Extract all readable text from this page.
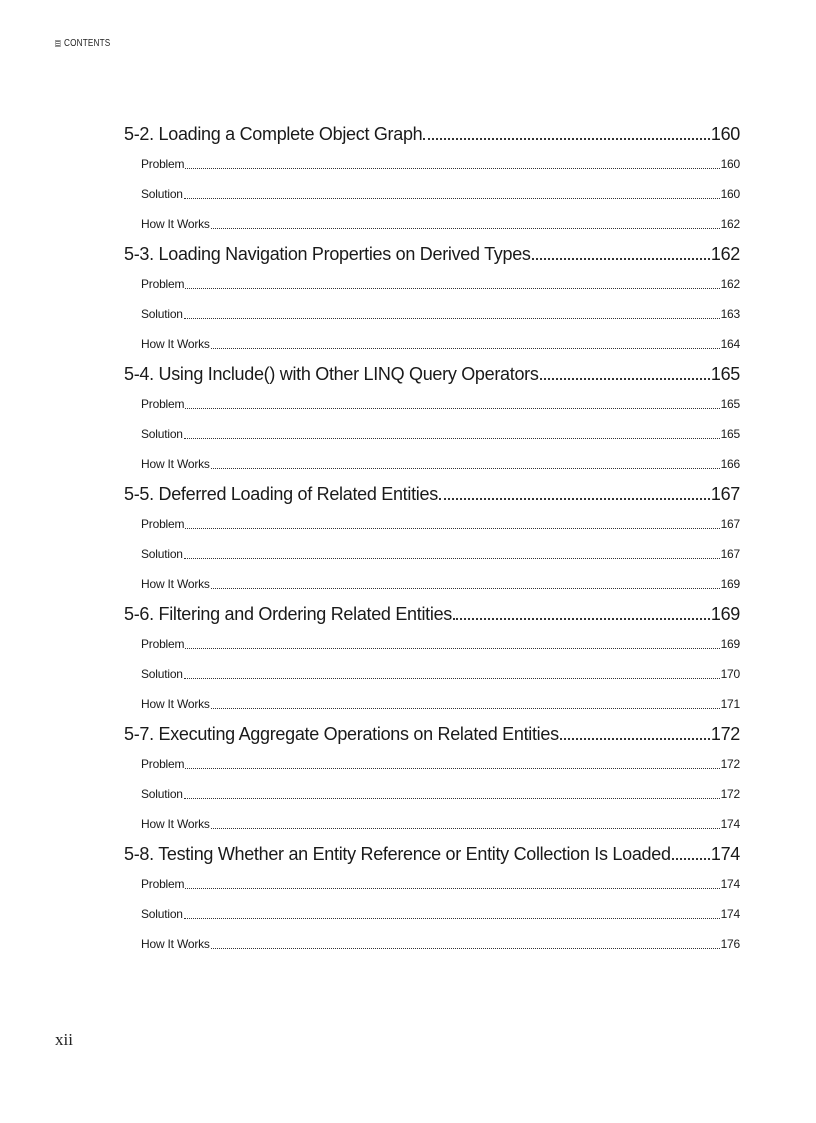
CONTENTS
5-2. Loading a Complete Object Graph	160
Problem	160
Solution	160
How It Works	162
5-3. Loading Navigation Properties on Derived Types	162
Problem	162
Solution	163
How It Works	164
5-4. Using Include() with Other LINQ Query Operators	165
Problem	165
Solution	165
How It Works	166
5-5. Deferred Loading of Related Entities	167
Problem	167
Solution	167
How It Works	169
5-6. Filtering and Ordering Related Entities	169
Problem	169
Solution	170
How It Works	171
5-7. Executing Aggregate Operations on Related Entities	172
Problem	172
Solution	172
How It Works	174
5-8. Testing Whether an Entity Reference or Entity Collection Is Loaded 174
Problem	174
Solution	174
How It Works	176
xii
